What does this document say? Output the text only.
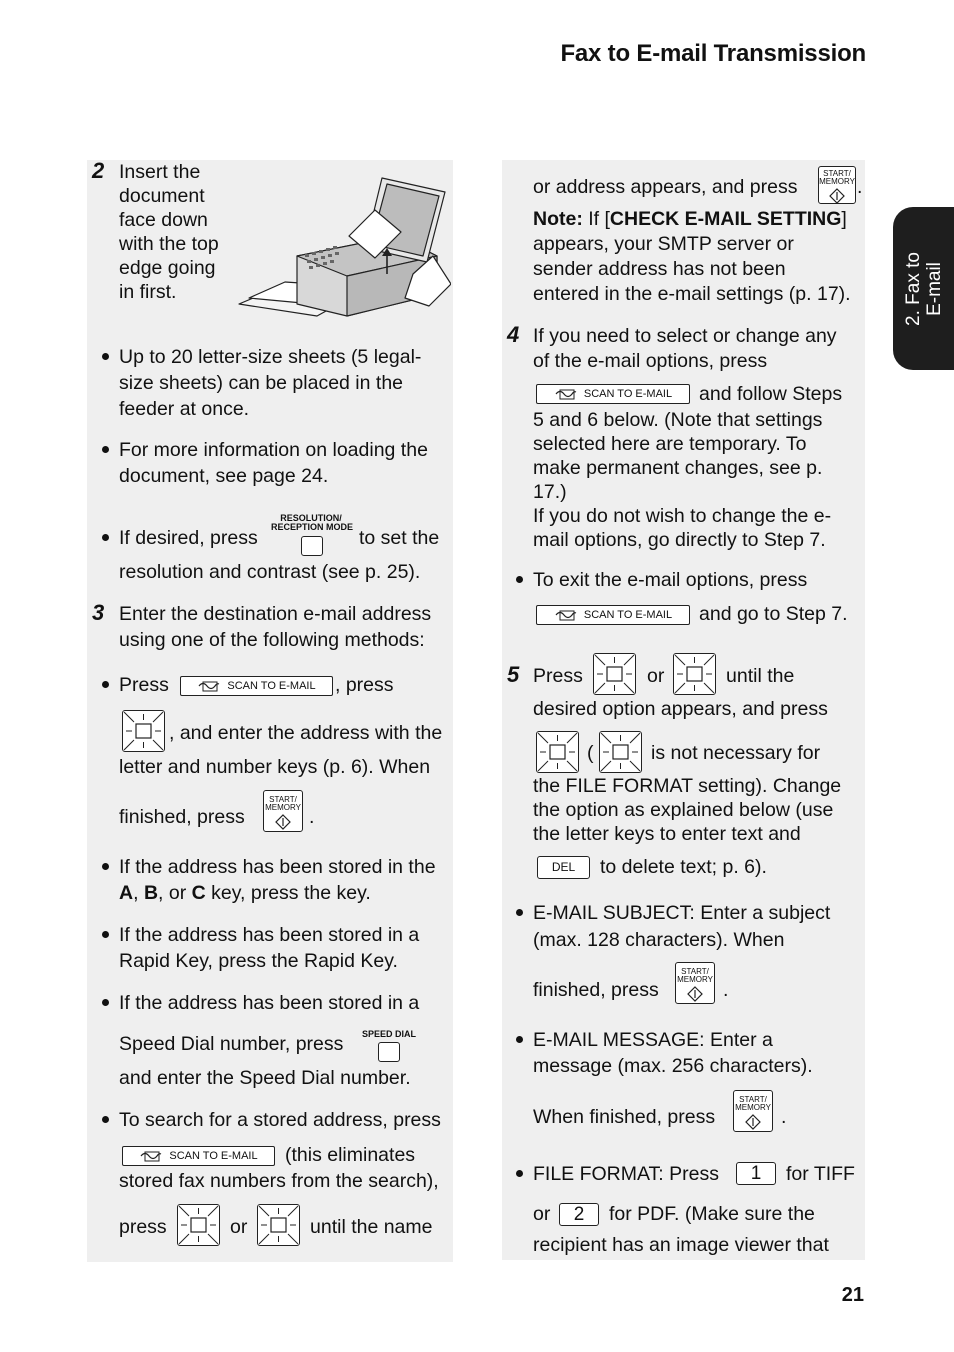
Fax to E-mail Transmission
2. Fax to E-mail
2 Insert the
document
face down
with the top
edge going
in first.
Up to 20 letter-size sheets (5 legal-
size sheets) can be placed in the
feeder at once.
For more information on loading the
document, see page 24.
If desired, press
RESOLUTION/
RECEPTION MODE to set the
resolution and contrast (see p. 25).
3 Enter the destination e-mail address
using one of the following methods:
Press	SCAN TO E-MAIL , press
, and enter the address with the
letter and number keys (p. 6). When
finished, press
START/
MEMORY .
If the address has been stored in the
A, B, or C key, press the key.
If the address has been stored in a
Rapid Key, press the Rapid Key.
If the address has been stored in a
Speed Dial number, press SPEED DIAL
and enter the Speed Dial number.
To search for a stored address, press
SCAN TO E-MAIL (this eliminates
stored fax numbers from the search),
press	or	until the name
or address appears, and press
START/
MEMORY .
Note: If [CHECK E-MAIL SETTING]
appears, your SMTP server or
sender address has not been
entered in the e-mail settings (p. 17).
4 If you need to select or change any
of the e-mail options, press
SCAN TO E-MAIL and follow Steps
5 and 6 below. (Note that settings
selected here are temporary. To
make permanent changes, see p.
17.)
If you do not wish to change the e-
mail options, go directly to Step 7.
To exit the e-mail options, press
SCAN TO E-MAIL and go to Step 7.
5 Press	or	until the
desired option appears, and press
(	is not necessary for
the FILE FORMAT setting). Change
the option as explained below (use
the letter keys to enter text and
DEL	to delete text; p. 6).
E-MAIL SUBJECT: Enter a subject
(max. 128 characters). When
finished, press
START/
MEMORY .
E-MAIL MESSAGE: Enter a
message (max. 256 characters).
When finished, press
START/
MEMORY .
FILE FORMAT: Press	1	for TIFF
or	2	for PDF. (Make sure the
recipient has an image viewer that
21
